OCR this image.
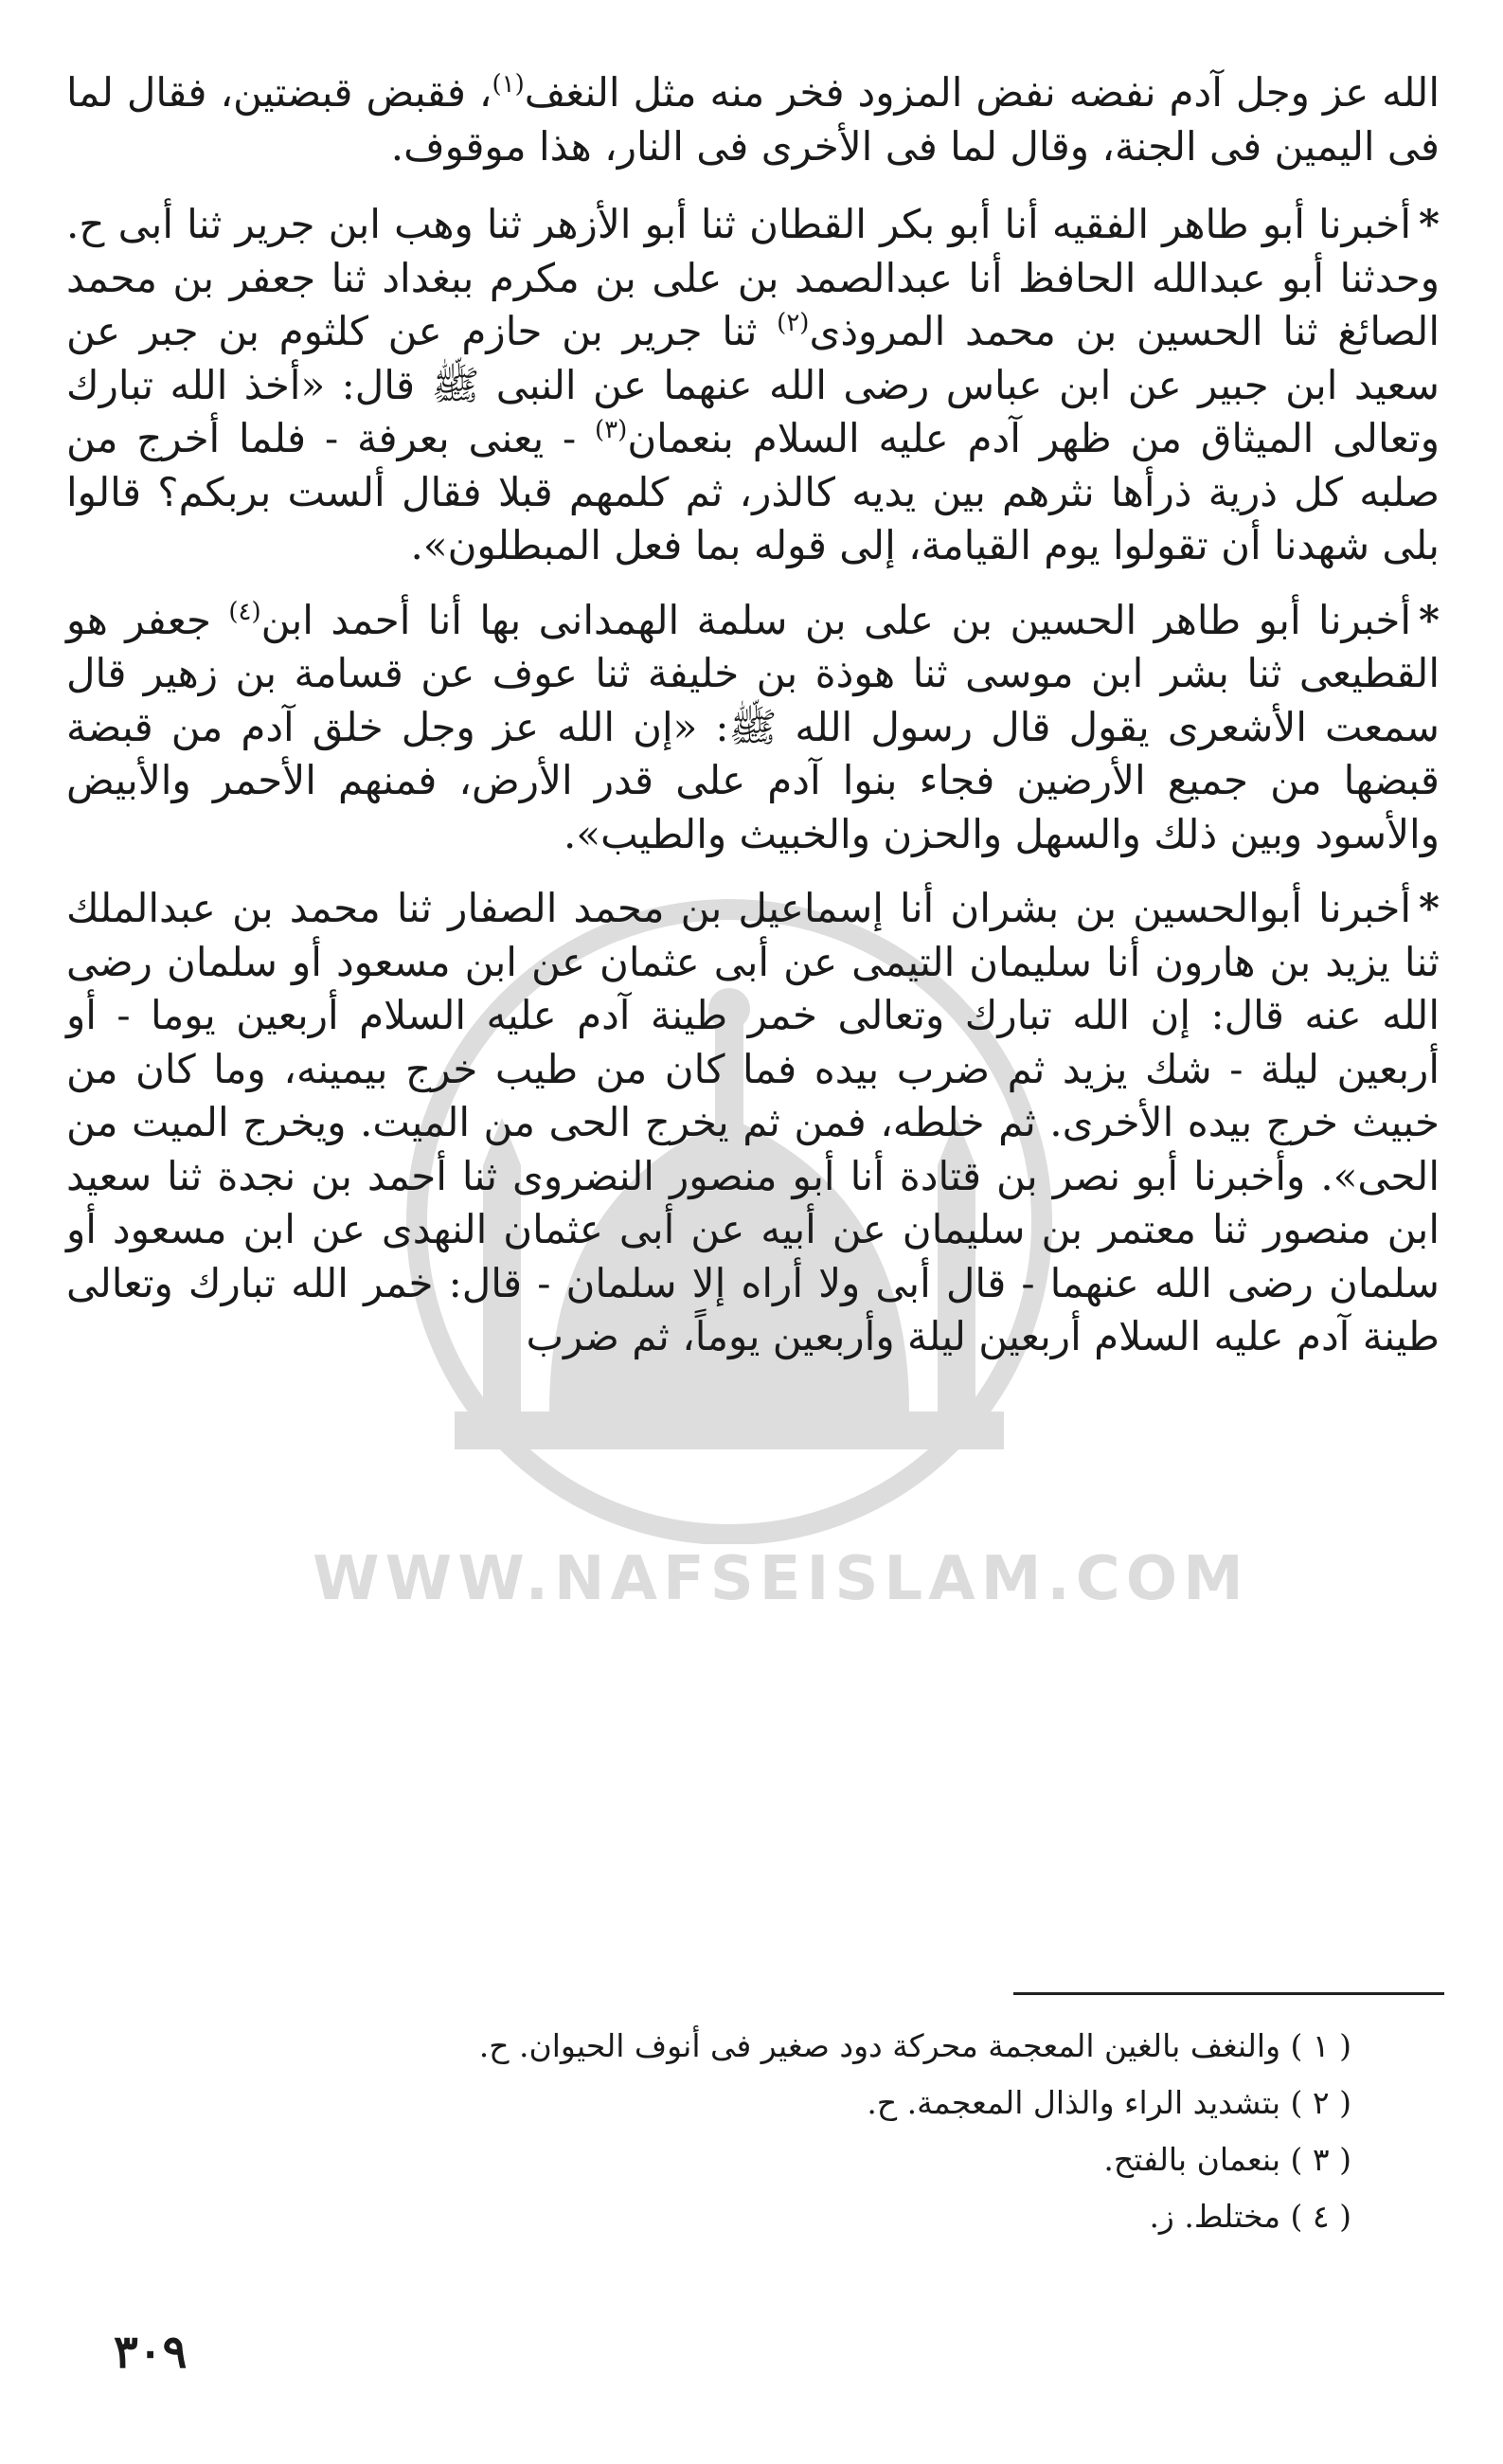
WWW.NAFSEISLAM.COM

الله عز وجل آدم نفضه نفض المزود فخر منه مثل النغف$^{(١)}$، فقبض قبضتين، فقال لما فى اليمين فى الجنة، وقال لما فى الأخرى فى النار، هذا موقوف.

*أخبرنا أبو طاهر الفقيه أنا أبو بكر القطان ثنا أبو الأزهر ثنا وهب ابن جرير ثنا أبى ح. وحدثنا أبو عبدالله الحافظ أنا عبدالصمد بن على بن مكرم ببغداد ثنا جعفر بن محمد الصائغ ثنا الحسين بن محمد المروذى$^{(٢)}$ ثنا جرير بن حازم عن كلثوم بن جبر عن سعيد ابن جبير عن ابن عباس رضى الله عنهما عن النبى ﷺ قال: «أخذ الله تبارك وتعالى الميثاق من ظهر آدم عليه السلام بنعمان$^{(٣)}$ - يعنى بعرفة - فلما أخرج من صلبه كل ذرية ذرأها نثرهم بين يديه كالذر، ثم كلمهم قبلا فقال ألست بربكم؟ قالوا بلى شهدنا أن تقولوا يوم القيامة، إلى قوله بما فعل المبطلون».

*أخبرنا أبو طاهر الحسين بن على بن سلمة الهمدانى بها أنا أحمد ابن$^{(٤)}$ جعفر هو القطيعى ثنا بشر ابن موسى ثنا هوذة بن خليفة ثنا عوف عن قسامة بن زهير قال سمعت الأشعرى يقول قال رسول الله ﷺ: «إن الله عز وجل خلق آدم من قبضة قبضها من جميع الأرضين فجاء بنوا آدم على قدر الأرض، فمنهم الأحمر والأبيض والأسود وبين ذلك والسهل والحزن والخبيث والطيب».

*أخبرنا أبوالحسين بن بشران أنا إسماعيل بن محمد الصفار ثنا محمد بن عبدالملك ثنا يزيد بن هارون أنا سليمان التيمى عن أبى عثمان عن ابن مسعود أو سلمان رضى الله عنه قال: إن الله تبارك وتعالى خمر طينة آدم عليه السلام أربعين يوما - أو أربعين ليلة - شك يزيد ثم ضرب بيده فما كان من طيب خرج بيمينه، وما كان من خبيث خرج بيده الأخرى. ثم خلطه، فمن ثم يخرج الحى من الميت. ويخرج الميت من الحى». وأخبرنا أبو نصر بن قتادة أنا أبو منصور النضروى ثنا أحمد بن نجدة ثنا سعيد ابن منصور ثنا معتمر بن سليمان عن أبيه عن أبى عثمان النهدى عن ابن مسعود أو سلمان رضى الله عنهما - قال أبى ولا أراه إلا سلمان - قال: خمر الله تبارك وتعالى طينة آدم عليه السلام أربعين ليلة وأربعين يوماً، ثم ضرب

( ١ ) والنغف بالغين المعجمة محركة دود صغير فى أنوف الحيوان. ح.

( ٢ ) بتشديد الراء والذال المعجمة. ح.

( ٣ ) بنعمان بالفتح.

( ٤ ) مختلط. ز.

٣٠٩
